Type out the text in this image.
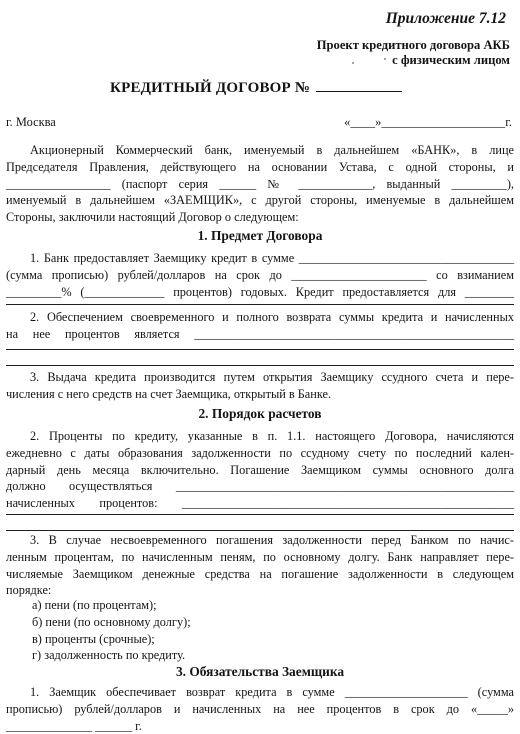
Приложение 7.12
Проект кредитного договора АКБ
с физическим лицом
КРЕДИТНЫЙ ДОГОВОР №
г. Москва	«____»____________________г.
Акционерный Коммерческий банк, именуемый в дальнейшем «БАНК», в лице
Председателя Правления, действующего на основании Устава, с одной стороны, и
_________________ (паспорт серия ______ № ____________, выданный _________),
именуемый в дальнейшем «ЗАЕМЩИК», с другой стороны, именуемые в дальнейшем
Стороны, заключили настоящий Договор о следующем:
1. Предмет Договора
1. Банк предоставляет Заемщику кредит в сумме ___________________________________
(сумма прописью) рублей/долларов на срок до ______________________ со взиманием
_________% (_____________ процентов) годовых. Кредит предоставляется для ________
2. Обеспечением своевременного и полного возврата суммы кредита и начисленных
на нее процентов является ____________________________________________________
3. Выдача кредита производится путем открытия Заемщику ссудного счета и пере-
числения с него средств на счет Заемщика, открытый в Банке.
2. Порядок расчетов
2. Проценты по кредиту, указанные в п. 1.1. настоящего Договора, начисляются
ежедневно с даты образования задолженности по ссудному счету по последний кален-
дарный день месяца включительно. Погашение Заемщиком суммы основного долга
должно осуществляться _______________________________________________________
начисленных процентов: ______________________________________________________
3. В случае несвоевременного погашения задолженности перед Банком по начис-
ленным процентам, по начисленным пеням, по основному долгу. Банк направляет пере-
числяемые Заемщиком денежные средства на погашение задолженности в следующем
порядке:
а) пени (по процентам);
б) пени (по основному долгу);
в) проценты (срочные);
г) задолженность по кредиту.
3. Обязательства Заемщика
1. Заемщик обеспечивает возврат кредита в сумме ____________________ (сумма
прописью) рублей/долларов и начисленных на нее процентов в срок до «_____»
______________ ______ г.
